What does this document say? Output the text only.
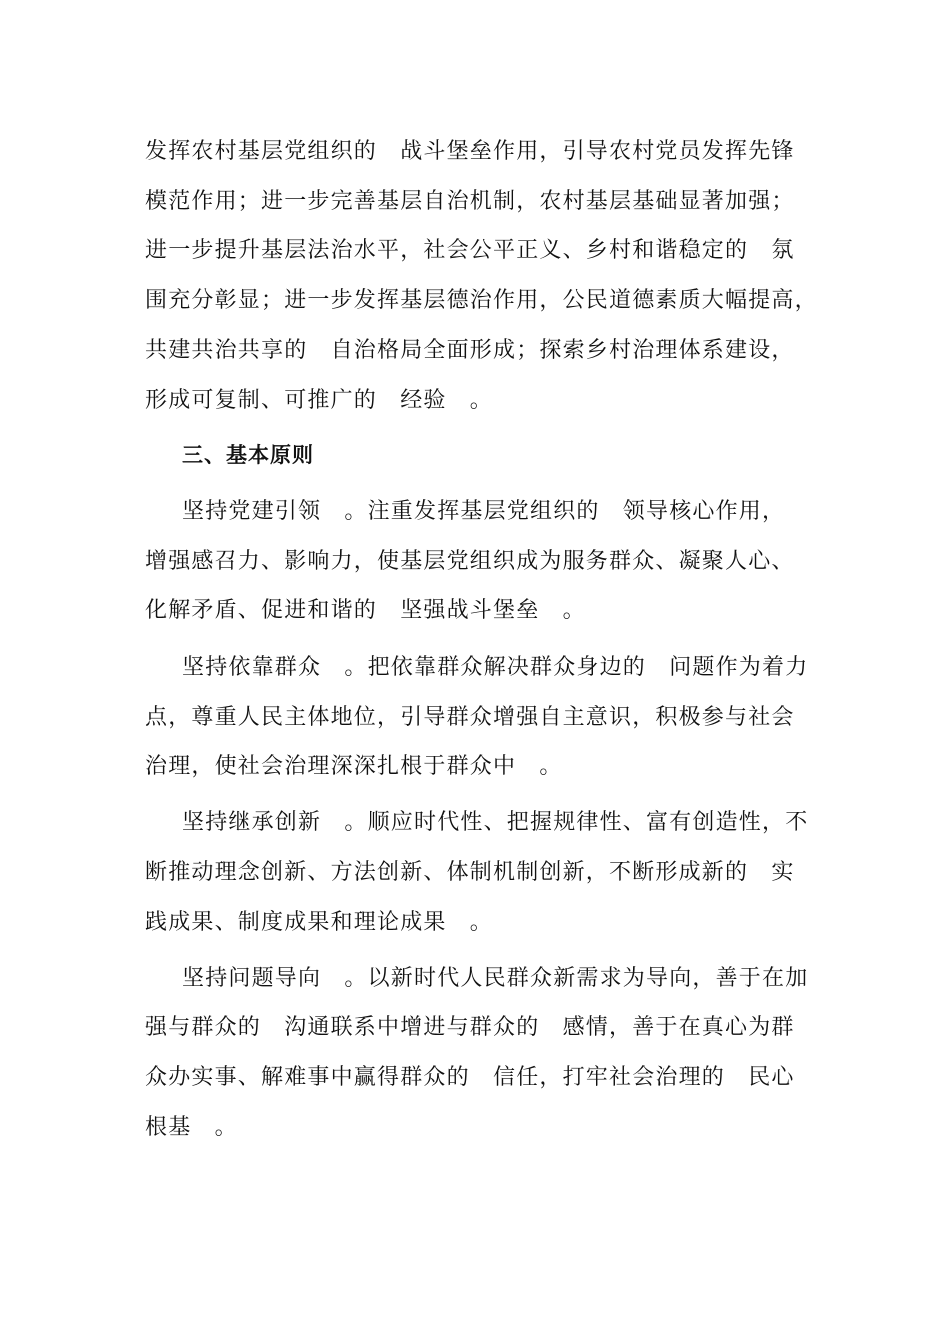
发挥农村基层党组织的　战斗堡垒作用，引导农村党员发挥先锋
模范作用；进一步完善基层自治机制，农村基层基础显著加强；
进一步提升基层法治水平，社会公平正义、乡村和谐稳定的　氛
围充分彰显；进一步发挥基层德治作用，公民道德素质大幅提高，
共建共治共享的　自治格局全面形成；探索乡村治理体系建设，
形成可复制、可推广的　经验　。
三、基本原则
坚持党建引领　。注重发挥基层党组织的　领导核心作用，
增强感召力、影响力，使基层党组织成为服务群众、凝聚人心、
化解矛盾、促进和谐的　坚强战斗堡垒　。
坚持依靠群众　。把依靠群众解决群众身边的　问题作为着力
点，尊重人民主体地位，引导群众增强自主意识，积极参与社会
治理，使社会治理深深扎根于群众中　。
坚持继承创新　。顺应时代性、把握规律性、富有创造性，不
断推动理念创新、方法创新、体制机制创新，不断形成新的　实
践成果、制度成果和理论成果　。
坚持问题导向　。以新时代人民群众新需求为导向，善于在加
强与群众的　沟通联系中增进与群众的　感情，善于在真心为群
众办实事、解难事中赢得群众的　信任，打牢社会治理的　民心
根基　。
